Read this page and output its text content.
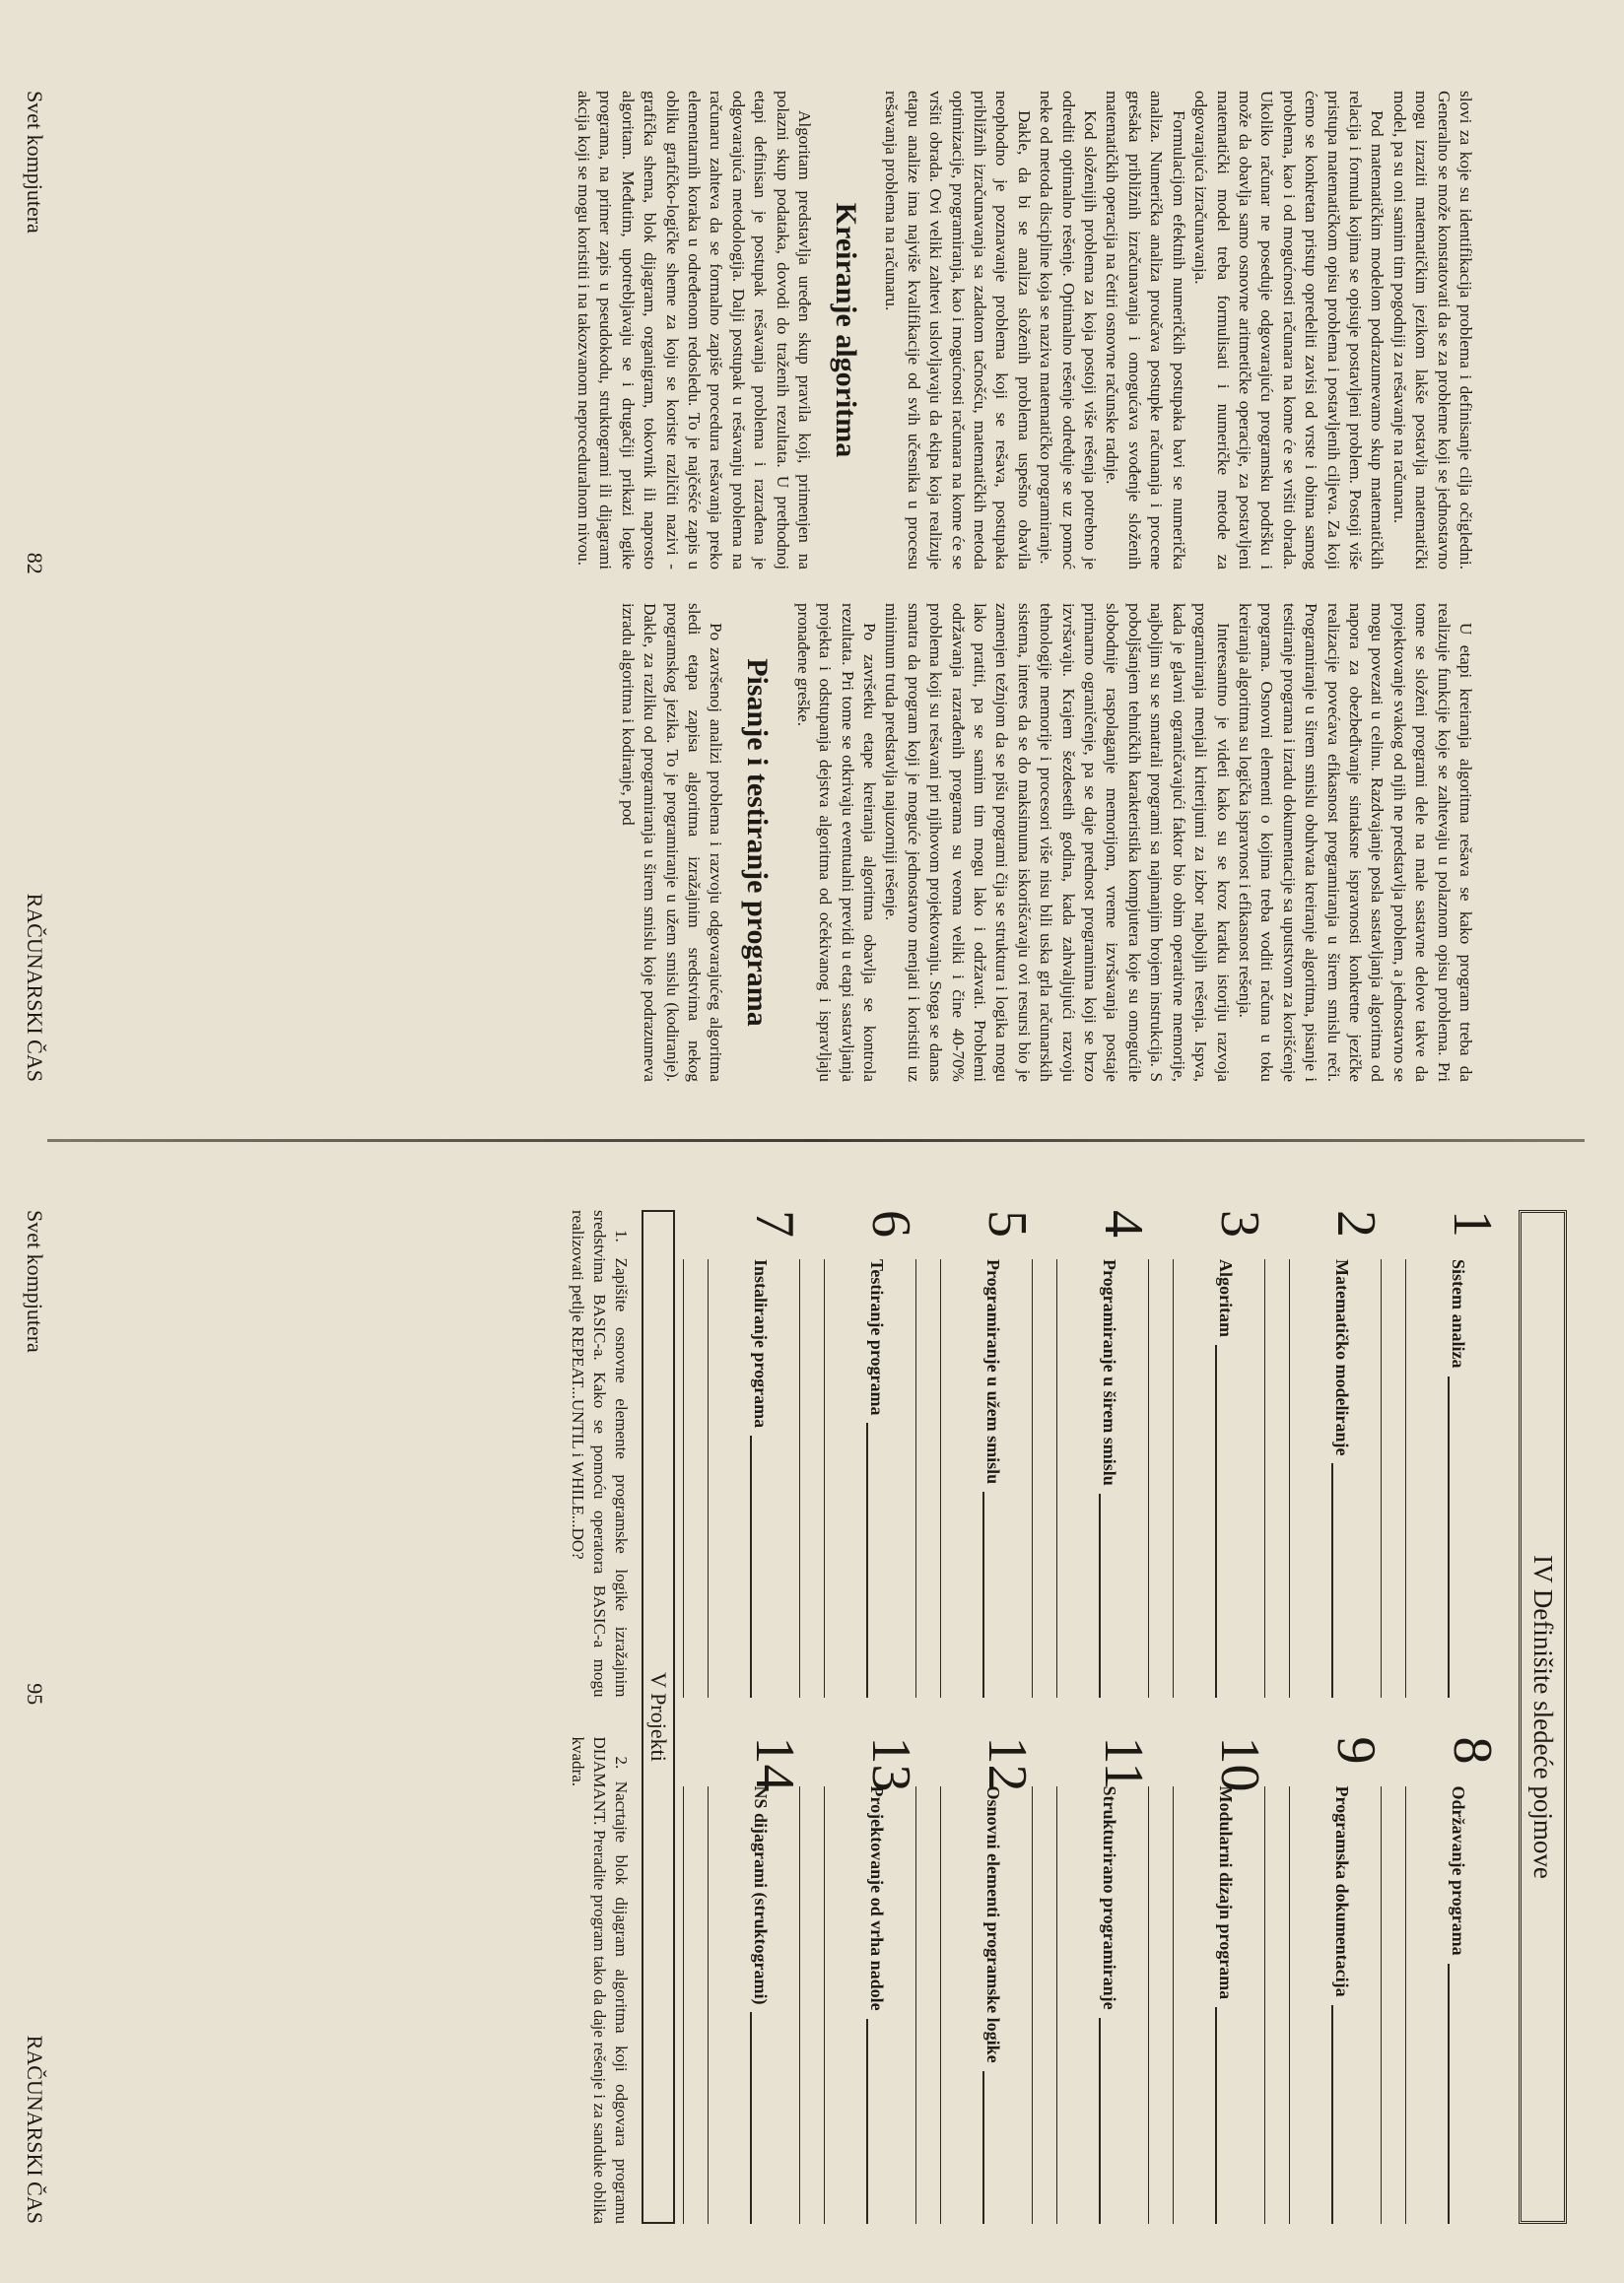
slovi za koje su identifikacija problema i definisanje cilja očigledni. Generalno se može konstatovati da se za probleme koji se jednostavno mogu izraziti matematičkim jezikom lakše postavlja matematički model, pa su oni samim tim pogodniji za rešavanje na računaru.

Pod matematičkim modelom podrazumevamo skup matematičkih relacija i formula kojima se opisuje postavljeni problem. Postoji više pristupa matematičkom opisu problema i postavljenih ciljeva. Za koji ćemo se konkretan pristup opredeliti zavisi od vrste i obima samog problema, kao i od mogućnosti računara na kome će se vršiti obrada. Ukoliko računar ne poseduje odgovarajuću programsku podršku i može da obavlja samo osnovne aritmetičke operacije, za postavljeni matematički model treba formulisati i numeričke metode za odgovarajuća izračunavanja.

Formulacijom efektnih numeričkih postupaka bavi se numerička analiza. Numerička analiza proučava postupke računanja i procene grešaka približnih izračunavanja i omogućava svođenje složenih matematičkih operacija na četiri osnovne računske radnje.

Kod složenijih problema za koja postoji više rešenja potrebno je odrediti optimalno rešenje. Optimalno rešenje određuje se uz pomoć neke od metoda discipline koja se naziva matematičko programiranje.

Dakle, da bi se analiza složenih problema uspešno obavila neophodno je poznavanje problema koji se rešava, postupaka približnih izračunavanja sa zadatom tačnošću, matematičkih metoda optimizacije, programiranja, kao i mogućnosti računara na kome će se vršiti obrada. Ovi veliki zahtevi uslovljavaju da ekipa koja realizuje etapu analize ima najviše kvalifikacije od svih učesnika u procesu rešavanja problema na računaru.

Kreiranje algoritma

Algoritam predstavlja uređen skup pravila koji, primenjen na polazni skup podataka, dovodi do traženih rezultata. U prethodnoj etapi definisan je postupak rešavanja problema i razrađena je odgovarajuća metodologija. Dalji postupak u rešavanju problema na računaru zahteva da se formalno zapiše procedura rešavanja preko elementarnih koraka u određenom redosledu. To je najčešće zapis u obliku grafičko-logičke sheme za koju se koriste različiti nazivi - grafička shema, blok dijagram, organigram, tokovnik ili naprosto algoritam. Međutim, upotrebljavaju se i drugačiji prikazi logike programa, na primer zapis u pseudokodu, struktogrami ili dijagrami akcija koji se mogu koristiti i na takozvanom neproceduralnom nivou.

U etapi kreiranja algoritma rešava se kako program treba da realizuje funkcije koje se zahtevaju u polaznom opisu problema. Pri tome se složeni programi dele na male sastavne delove takve da projektovanje svakog od njih ne predstavlja problem, a jednostavno se mogu povezati u celinu. Razdvajanje posla sastavljanja algoritma od napora za obezbeđivanje sintaksne ispravnosti konkretne jezičke realizacije povećava efikasnost programiranja u širem smislu reči. Programiranje u širem smislu obuhvata kreiranje algoritma, pisanje i testiranje programa i izradu dokumentacije sa uputstvom za korišćenje programa. Osnovni elementi o kojima treba voditi računa u toku kreiranja algoritma su logička ispravnost i efikasnost rešenja.

Interesantno je videti kako su se kroz kratku istoriju razvoja programiranja menjali kriterijumi za izbor najboljih rešenja. Ispva, kada je glavni ograničavajući faktor bio obim operativne memorije, najboljim su se smatrali programi sa najmanjim brojem instrukcija. S poboljšanjem tehničkih karakteristika kompjutera koje su omogućile slobodnije raspolaganje memorijom, vreme izvršavanja postaje primarno ograničenje, pa se daje prednost programima koji se brzo izvršavaju. Krajem šezdesetih godina, kada zahvaljujući razvoju tehnologije memorije i procesori više nisu bili uska grla računarskih sistema, interes da se do maksimuma iskorišćavaju ovi resursi bio je zamenjen težnjom da se pišu programi čija se struktura i logika mogu lako pratiti, pa se samim tim mogu lako i održavati. Problemi održavanja razrađenih programa su veoma veliki i čine 40-70% problema koji su rešavani pri njihovom projektovanju. Stoga se danas smatra da program koji je moguće jednostavno menjati i koristiti uz minimum truda predstavlja najuzorniji rešenje.

Po završetku etape kreiranja algoritma obavlja se kontrola rezultata. Pri tome se otkrivaju eventualni previdi u etapi sastavljanja projekta i odstupanja dejstva algoritma od očekivanog i ispravljaju pronađene greške.

Pisanje i testiranje programa

Po završenoj analizi problema i razvoju odgovarajućeg algoritma sledi etapa zapisa algoritma izražajnim sredstvima nekog programskog jezika. To je programiranje u užem smislu (kodiranje). Dakle, za razliku od programiranja u širem smislu koje podrazumeva izradu algoritma i kodiranje, pod

Svet kompjutera
82
RAČUNARSKI ČAS
IV Definišite sledeće pojmove
1
Sistem analiza
2
Matematičko modeliranje
3
Algoritam
4
Programiranje u širem smislu
5
Programiranje u užem smislu
6
Testiranje programa
7
Instaliranje programa
8
Održavanje programa
9
Programska dokumentacija
10
Modularni dizajn programa
11
Strukturirano programiranje
12
Osnovni elementi programske logike
13
Projektovanje od vrha nadole
14
NS dijagrami (struktogrami)
V Projekti

1. Zapišite osnovne elemente programske logike izražajnim sredstvima BASIC-a. Kako se pomoću operatora BASIC-a mogu realizovati petlje REPEAT...UNTIL i WHILE...DO?

2. Nacrtajte blok dijagram algoritma koji odgovara programu DIJAMANT. Preradite program tako da daje rešenje i za sanduke oblika kvadra.

Svet kompjutera
95
RAČUNARSKI ČAS
